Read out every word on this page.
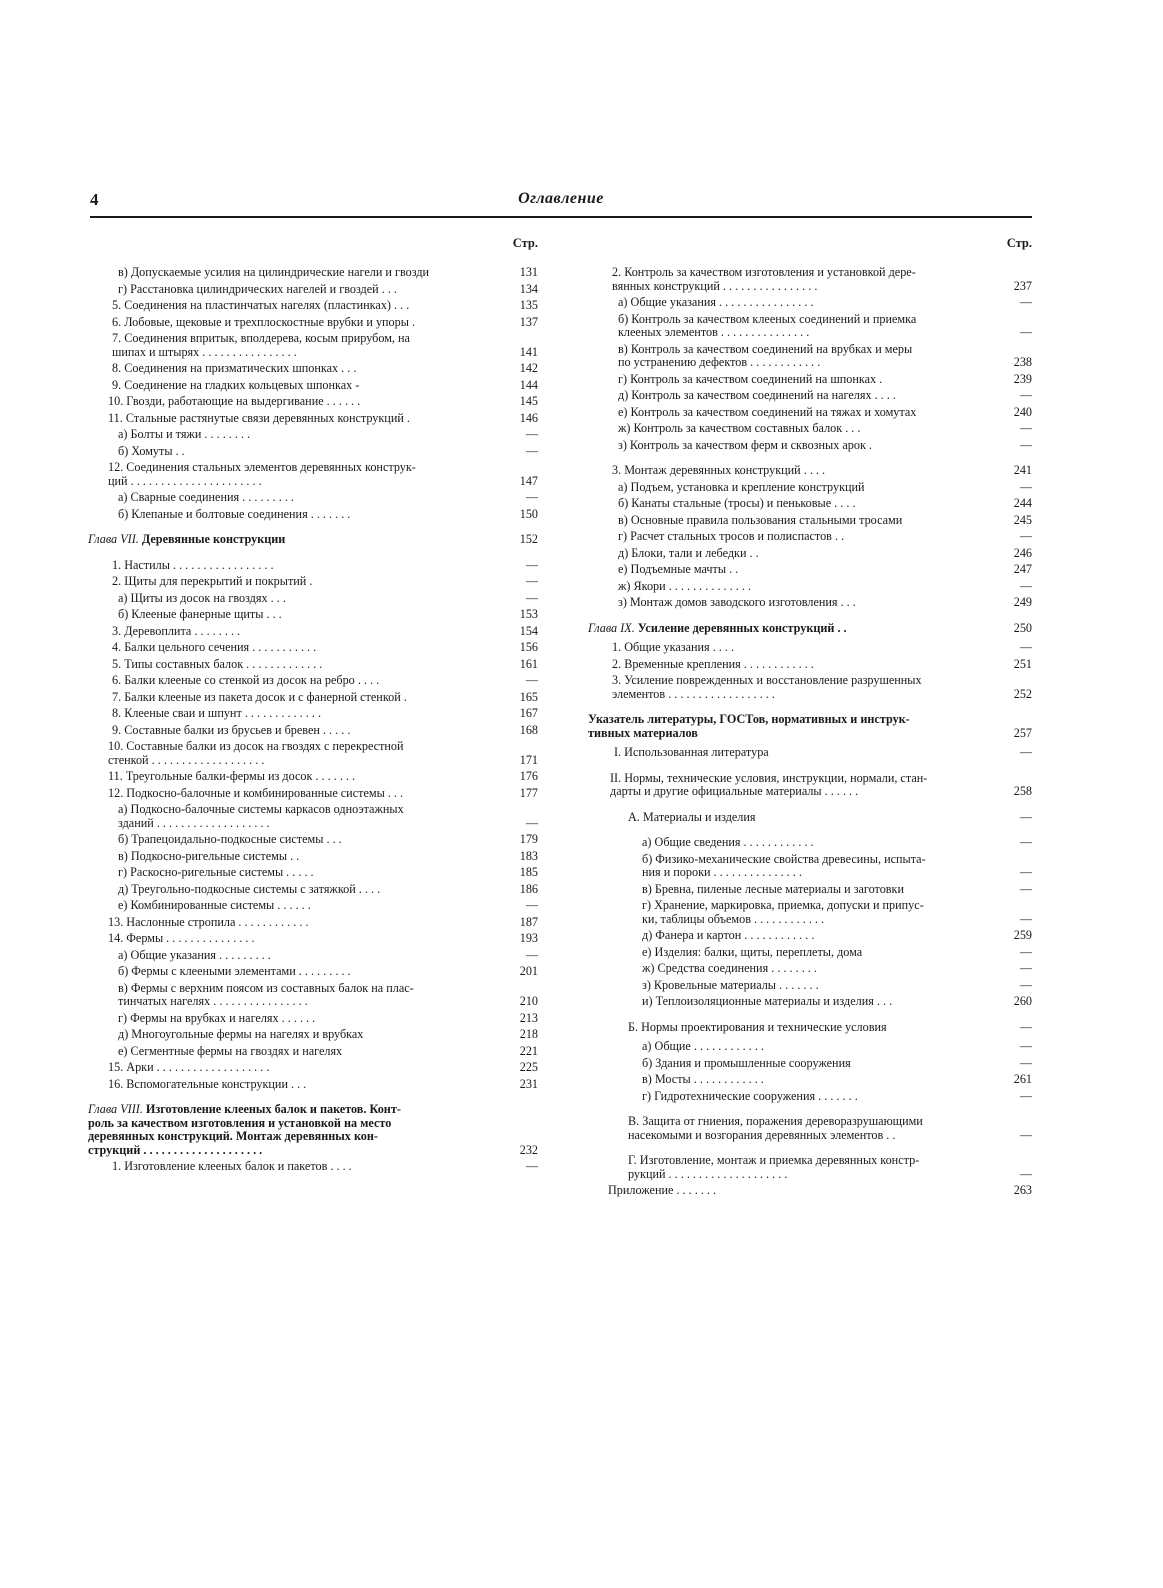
4	Оглавление
Стр.
в) Допускаемые усилия на цилиндрические нагели и гвозди	131
г) Расстановка цилиндрических нагелей и гвоздей . . .	134
5. Соединения на пластинчатых нагелях (пластинках) . . .	135
6. Лобовые, щековые и трехплоскостные врубки и упоры .	137
7. Соединения впритык, вполдерева, косым прирубом, на
шипах и штырях . . . . . . . . . . . . . . . .	141
8. Соединения на призматических шпонках . . .	142
9. Соединение на гладких кольцевых шпонках -	144
10. Гвозди, работающие на выдергивание . . . . . .	145
11. Стальные растянутые связи деревянных конструкций .	146
а) Болты и тяжи . . . . . . . .	—
б) Хомуты . .	—
12. Соединения стальных элементов деревянных конструк-
ций . . . . . . . . . . . . . . . . . . . . . .	147
а) Сварные соединения . . . . . . . . .	—
б) Клепаные и болтовые соединения . . . . . . .	150
Глава VII. Деревянные конструкции	152
1. Настилы . . . . . . . . . . . . . . . . .	—
2. Щиты для перекрытий и покрытий .	—
а) Щиты из досок на гвоздях . . .	—
б) Клееные фанерные щиты . . .	153
3. Деревоплита . . . . . . . .	154
4. Балки цельного сечения . . . . . . . . . . .	156
5. Типы составных балок . . . . . . . . . . . . .	161
6. Балки клееные со стенкой из досок на ребро . . . .	—
7. Балки клееные из пакета досок и с фанерной стенкой .	165
8. Клееные сваи и шпунт . . . . . . . . . . . . .	167
9. Составные балки из брусьев и бревен . . . . .	168
10. Составные балки из досок на гвоздях с перекрестной
стенкой . . . . . . . . . . . . . . . . . . .	171
11. Треугольные балки-фермы из досок . . . . . . .	176
12. Подкосно-балочные и комбинированные системы . . .	177
а) Подкосно-балочные системы каркасов одноэтажных
зданий . . . . . . . . . . . . . . . . . . .	—
б) Трапецоидально-подкосные системы . . .	179
в) Подкосно-ригельные системы . .	183
г) Раскосно-ригельные системы . . . . .	185
д) Треугольно-подкосные системы с затяжкой . . . .	186
е) Комбинированные системы . . . . . .	—
13. Наслонные стропила . . . . . . . . . . . .	187
14. Фермы . . . . . . . . . . . . . . .	193
а) Общие указания . . . . . . . . .	—
б) Фермы с клееными элементами . . . . . . . . .	201
в) Фермы с верхним поясом из составных балок на плас-
тинчатых нагелях . . . . . . . . . . . . . . . .	210
г) Фермы на врубках и нагелях . . . . . .	213
д) Многоугольные фермы на нагелях и врубках	218
е) Сегментные фермы на гвоздях и нагелях	221
15. Арки . . . . . . . . . . . . . . . . . . .	225
16. Вспомогательные конструкции . . .	231
Глава VIII. Изготовление клееных балок и пакетов. Конт-
роль за качеством изготовления и установкой на место
деревянных конструкций. Монтаж деревянных кон-
струкций . . . . . . . . . . . . . . . . . . . .	232
1. Изготовление клееных балок и пакетов . . . .	—
Стр.
2. Контроль за качеством изготовления и установкой дере-
вянных конструкций . . . . . . . . . . . . . . . .	237
а) Общие указания . . . . . . . . . . . . . . . .	—
б) Контроль за качеством клееных соединений и приемка
клееных элементов . . . . . . . . . . . . . . .	—
в) Контроль за качеством соединений на врубках и меры
по устранению дефектов . . . . . . . . . . . .	238
г) Контроль за качеством соединений на шпонках .	239
д) Контроль за качеством соединений на нагелях . . . .	—
е) Контроль за качеством соединений на тяжах и хомутах	240
ж) Контроль за качеством составных балок . . .	—
з) Контроль за качеством ферм и сквозных арок .	—
3. Монтаж деревянных конструкций . . . .	241
а) Подъем, установка и крепление конструкций	—
б) Канаты стальные (тросы) и пеньковые . . . .	244
в) Основные правила пользования стальными тросами	245
г) Расчет стальных тросов и полиспастов . .	—
д) Блоки, тали и лебедки . .	246
е) Подъемные мачты . .	247
ж) Якори . . . . . . . . . . . . . .	—
з) Монтаж домов заводского изготовления . . .	249
Глава IX. Усиление деревянных конструкций . .	250
1. Общие указания . . . .	—
2. Временные крепления . . . . . . . . . . . .	251
3. Усиление поврежденных и восстановление разрушенных
элементов . . . . . . . . . . . . . . . . . .	252
Указатель литературы, ГОСТов, нормативных и инструк-
тивных материалов	257
I. Использованная литература	—
II. Нормы, технические условия, инструкции, нормали, стан-
дарты и другие официальные материалы . . . . . .	258
А. Материалы и изделия	—
а) Общие сведения . . . . . . . . . . . .	—
б) Физико-механические свойства древесины, испыта-
ния и пороки . . . . . . . . . . . . . . .	—
в) Бревна, пиленые лесные материалы и заготовки	—
г) Хранение, маркировка, приемка, допуски и припус-
ки, таблицы объемов . . . . . . . . . . . .	—
д) Фанера и картон . . . . . . . . . . . .	259
е) Изделия: балки, щиты, переплеты, дома	—
ж) Средства соединения . . . . . . . .	—
з) Кровельные материалы . . . . . . .	—
и) Теплоизоляционные материалы и изделия . . .	260
Б. Нормы проектирования и технические условия	—
а) Общие . . . . . . . . . . . .	—
б) Здания и промышленные сооружения	—
в) Мосты . . . . . . . . . . . .	261
г) Гидротехнические сооружения . . . . . . .	—
В. Защита от гниения, поражения дереворазрушающими
насекомыми и возгорания деревянных элементов . .	—
Г. Изготовление, монтаж и приемка деревянных констр-
рукций . . . . . . . . . . . . . . . . . . . .	—
Приложение . . . . . . .	263
